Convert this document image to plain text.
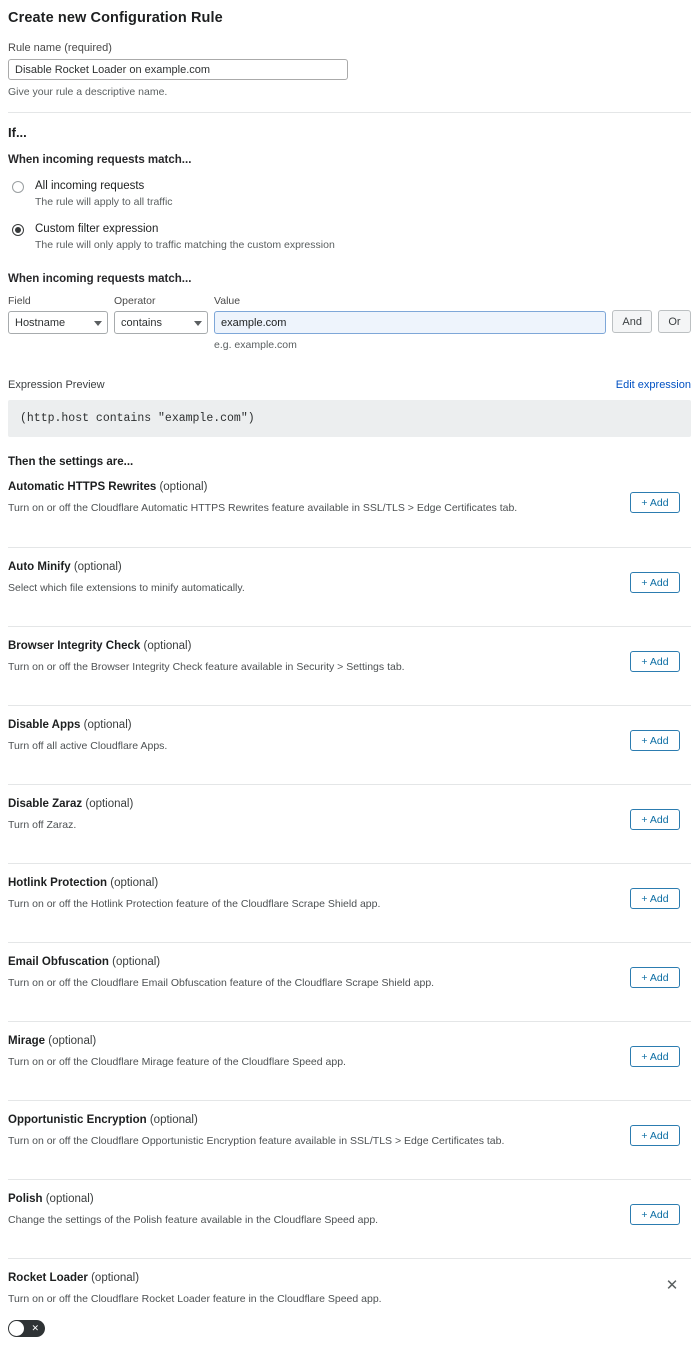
Create new Configuration Rule
Rule name (required)
Disable Rocket Loader on example.com
Give your rule a descriptive name.
If...
When incoming requests match...
All incoming requests
The rule will apply to all traffic
Custom filter expression
The rule will only apply to traffic matching the custom expression
When incoming requests match...
Field
Hostname
Operator
contains
Value
example.com
e.g. example.com
And	Or
Expression Preview	Edit expression
(http.host contains "example.com")
Then the settings are...
Automatic HTTPS Rewrites (optional)
Turn on or off the Cloudflare Automatic HTTPS Rewrites feature available in SSL/TLS > Edge Certificates tab.	+ Add
Auto Minify (optional)
Select which file extensions to minify automatically.	+ Add
Browser Integrity Check (optional)
Turn on or off the Browser Integrity Check feature available in Security > Settings tab.	+ Add
Disable Apps (optional)
Turn off all active Cloudflare Apps.	+ Add
Disable Zaraz (optional)
Turn off Zaraz.	+ Add
Hotlink Protection (optional)
Turn on or off the Hotlink Protection feature of the Cloudflare Scrape Shield app.	+ Add
Email Obfuscation (optional)
Turn on or off the Cloudflare Email Obfuscation feature of the Cloudflare Scrape Shield app.	+ Add
Mirage (optional)
Turn on or off the Cloudflare Mirage feature of the Cloudflare Speed app.	+ Add
Opportunistic Encryption (optional)
Turn on or off the Cloudflare Opportunistic Encryption feature available in SSL/TLS > Edge Certificates tab.	+ Add
Polish (optional)
Change the settings of the Polish feature available in the Cloudflare Speed app.	+ Add
Rocket Loader (optional)
Turn on or off the Cloudflare Rocket Loader feature in the Cloudflare Speed app.
✕
✕
